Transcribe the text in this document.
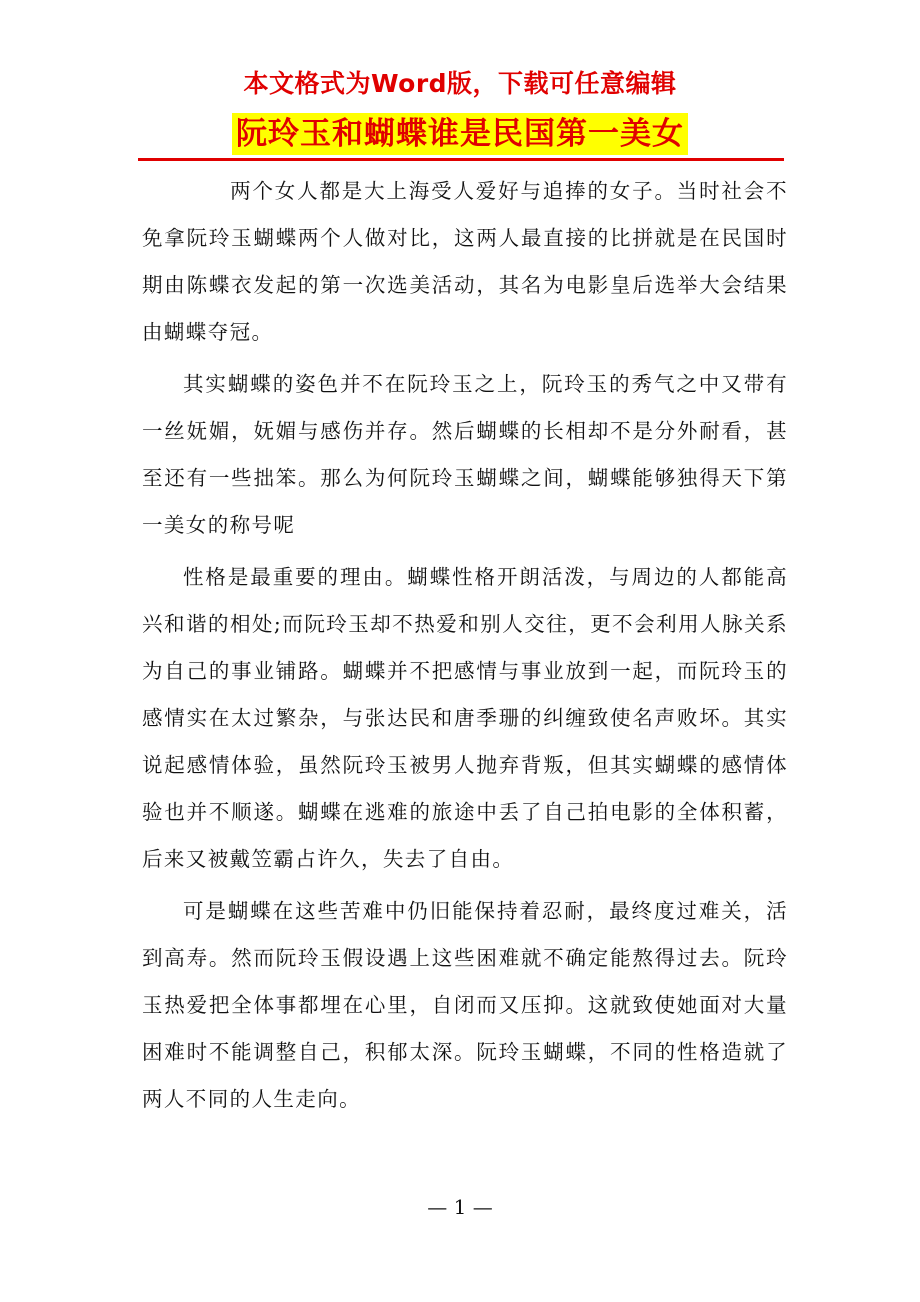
本文格式为Word版，下载可任意编辑
阮玲玉和蝴蝶谁是民国第一美女

两个女人都是大上海受人爱好与追捧的女子。当时社会不免拿阮玲玉蝴蝶两个人做对比，这两人最直接的比拼就是在民国时期由陈蝶衣发起的第一次选美活动，其名为电影皇后选举大会结果由蝴蝶夺冠。

其实蝴蝶的姿色并不在阮玲玉之上，阮玲玉的秀气之中又带有一丝妩媚，妩媚与感伤并存。然后蝴蝶的长相却不是分外耐看，甚至还有一些拙笨。那么为何阮玲玉蝴蝶之间，蝴蝶能够独得天下第一美女的称号呢

性格是最重要的理由。蝴蝶性格开朗活泼，与周边的人都能高兴和谐的相处;而阮玲玉却不热爱和别人交往，更不会利用人脉关系为自己的事业铺路。蝴蝶并不把感情与事业放到一起，而阮玲玉的感情实在太过繁杂，与张达民和唐季珊的纠缠致使名声败坏。其实说起感情体验，虽然阮玲玉被男人抛弃背叛，但其实蝴蝶的感情体验也并不顺遂。蝴蝶在逃难的旅途中丢了自己拍电影的全体积蓄，后来又被戴笠霸占许久，失去了自由。

可是蝴蝶在这些苦难中仍旧能保持着忍耐，最终度过难关，活到高寿。然而阮玲玉假设遇上这些困难就不确定能熬得过去。阮玲玉热爱把全体事都埋在心里，自闭而又压抑。这就致使她面对大量困难时不能调整自己，积郁太深。阮玲玉蝴蝶，不同的性格造就了两人不同的人生走向。

— 1 —
